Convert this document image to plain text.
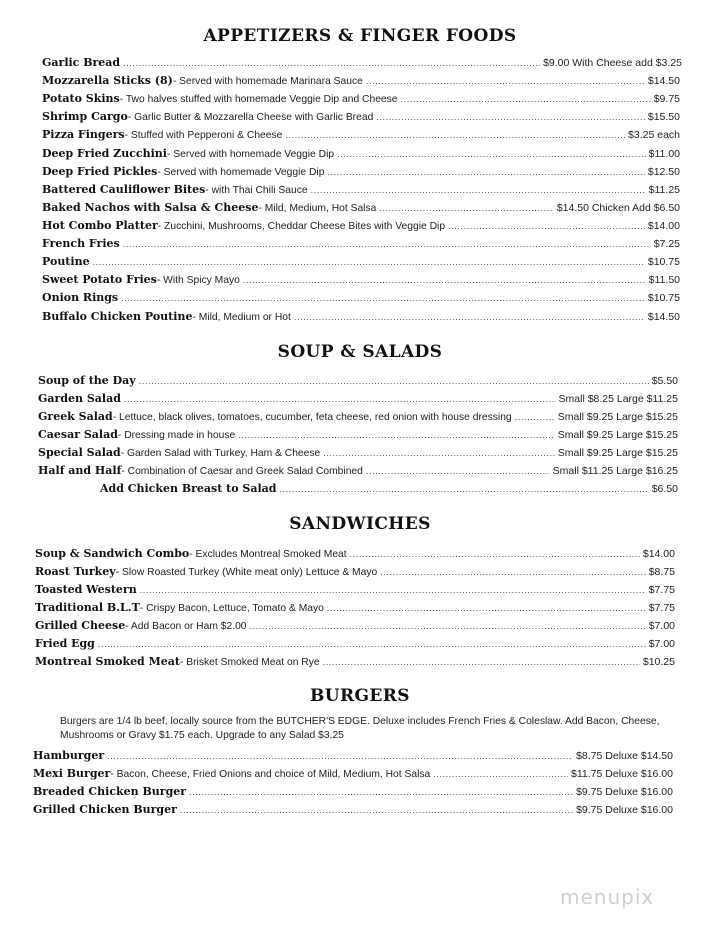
APPETIZERS & FINGER FOODS
Garlic Bread .....	$9.00 With Cheese add $3.25
Mozzarella Sticks (8) - Served with homemade Marinara Sauce .....	$14.50
Potato Skins - Two halves stuffed with homemade Veggie Dip and Cheese .....	$9.75
Shrimp Cargo - Garlic Butter & Mozzarella Cheese with Garlic Bread .....	$15.50
Pizza Fingers - Stuffed with Pepperoni & Cheese .....	$3.25 each
Deep Fried Zucchini - Served with homemade Veggie Dip .....	$11.00
Deep Fried Pickles - Served with homemade Veggie Dip .....	$12.50
Battered Cauliflower Bites - with Thai Chili Sauce .....	$11.25
Baked Nachos with Salsa & Cheese - Mild, Medium, Hot Salsa .....	$14.50 Chicken Add $6.50
Hot Combo Platter - Zucchini, Mushrooms, Cheddar Cheese Bites with Veggie Dip .....	$14.00
French Fries .....	$7.25
Poutine .....	$10.75
Sweet Potato Fries - With Spicy Mayo .....	$11.50
Onion Rings .....	$10.75
Buffalo Chicken Poutine - Mild, Medium or Hot .....	$14.50
SOUP & SALADS
Soup of the Day .....	$5.50
Garden Salad .....	Small $8.25 Large $11.25
Greek Salad - Lettuce, black olives, tomatoes, cucumber, feta cheese, red onion with house dressing .....	Small $9.25 Large $15.25
Caesar Salad - Dressing made in house .....	Small $9.25 Large $15.25
Special Salad - Garden Salad with Turkey, Ham & Cheese .....	Small $9.25 Large $15.25
Half and Half - Combination of Caesar and Greek Salad Combined .....	Small $11.25 Large $16.25
Add Chicken Breast to Salad .....	$6.50
SANDWICHES
Soup & Sandwich Combo - Excludes Montreal Smoked Meat .....	$14.00
Roast Turkey - Slow Roasted Turkey (White meat only) Lettuce & Mayo .....	$8.75
Toasted Western .....	$7.75
Traditional B.L.T - Crispy Bacon, Lettuce, Tomato & Mayo .....	$7.75
Grilled Cheese - Add Bacon or Ham $2.00 .....	$7.00
Fried Egg .....	$7.00
Montreal Smoked Meat - Brisket Smoked Meat on Rye .....	$10.25
BURGERS
Burgers are 1/4 lb beef, locally source from the BUTCHER'S EDGE. Deluxe includes French Fries & Coleslaw. Add Bacon, Cheese, Mushrooms or Gravy $1.75 each. Upgrade to any Salad $3.25
Hamburger .....	$8.75 Deluxe $14.50
Mexi Burger - Bacon, Cheese, Fried Onions and choice of Mild, Medium, Hot Salsa .....	$11.75 Deluxe $16.00
Breaded Chicken Burger .....	$9.75 Deluxe $16.00
Grilled Chicken Burger .....	$9.75 Deluxe $16.00
menupix
